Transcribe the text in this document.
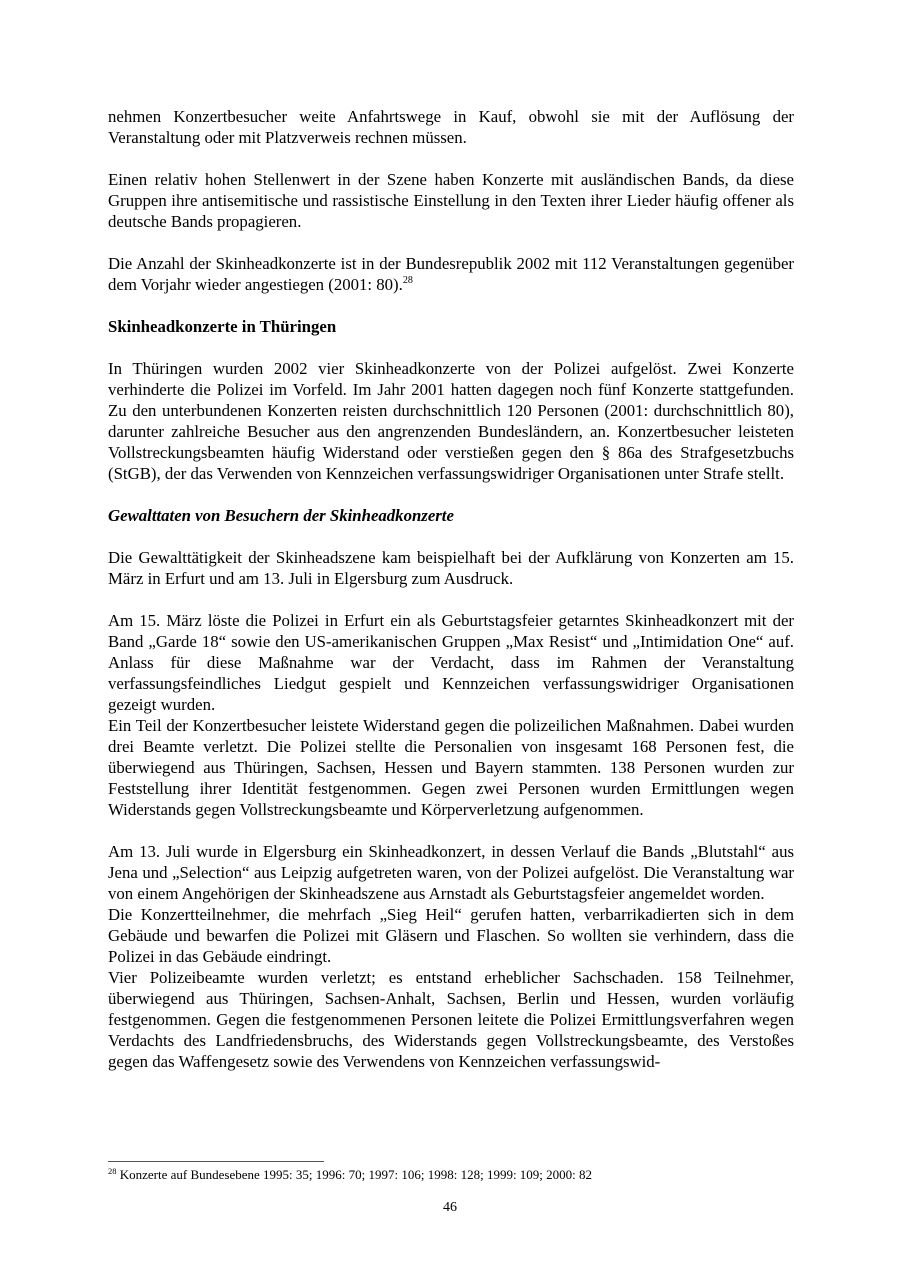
nehmen Konzertbesucher weite Anfahrtswege in Kauf, obwohl sie mit der Auflösung der Veranstaltung oder mit Platzverweis rechnen müssen.

Einen relativ hohen Stellenwert in der Szene haben Konzerte mit ausländischen Bands, da diese Gruppen ihre antisemitische und rassistische Einstellung in den Texten ihrer Lieder häufig offener als deutsche Bands propagieren.

Die Anzahl der Skinheadkonzerte ist in der Bundesrepublik 2002 mit 112 Veranstaltungen gegenüber dem Vorjahr wieder angestiegen (2001: 80).$^{28}$

Skinheadkonzerte in Thüringen

In Thüringen wurden 2002 vier Skinheadkonzerte von der Polizei aufgelöst. Zwei Konzerte verhinderte die Polizei im Vorfeld. Im Jahr 2001 hatten dagegen noch fünf Konzerte stattgefunden. Zu den unterbundenen Konzerten reisten durchschnittlich 120 Personen (2001: durchschnittlich 80), darunter zahlreiche Besucher aus den angrenzenden Bundesländern, an. Konzertbesucher leisteten Vollstreckungsbeamten häufig Widerstand oder verstießen gegen den § 86a des Strafgesetzbuchs (StGB), der das Verwenden von Kennzeichen verfassungswidriger Organisationen unter Strafe stellt.

Gewalttaten von Besuchern der Skinheadkonzerte

Die Gewalttätigkeit der Skinheadszene kam beispielhaft bei der Aufklärung von Konzerten am 15. März in Erfurt und am 13. Juli in Elgersburg zum Ausdruck.

Am 15. März löste die Polizei in Erfurt ein als Geburtstagsfeier getarntes Skinheadkonzert mit der Band „Garde 18“ sowie den US-amerikanischen Gruppen „Max Resist“ und „Intimidation One“ auf. Anlass für diese Maßnahme war der Verdacht, dass im Rahmen der Veranstaltung verfassungsfeindliches Liedgut gespielt und Kennzeichen verfassungswidriger Organisationen gezeigt wurden.

Ein Teil der Konzertbesucher leistete Widerstand gegen die polizeilichen Maßnahmen. Dabei wurden drei Beamte verletzt. Die Polizei stellte die Personalien von insgesamt 168 Personen fest, die überwiegend aus Thüringen, Sachsen, Hessen und Bayern stammten. 138 Personen wurden zur Feststellung ihrer Identität festgenommen. Gegen zwei Personen wurden Ermittlungen wegen Widerstands gegen Vollstreckungsbeamte und Körperverletzung aufgenommen.

Am 13. Juli wurde in Elgersburg ein Skinheadkonzert, in dessen Verlauf die Bands „Blutstahl“ aus Jena und „Selection“ aus Leipzig aufgetreten waren, von der Polizei aufgelöst. Die Veranstaltung war von einem Angehörigen der Skinheadszene aus Arnstadt als Geburtstagsfeier angemeldet worden.

Die Konzertteilnehmer, die mehrfach „Sieg Heil“ gerufen hatten, verbarrikadierten sich in dem Gebäude und bewarfen die Polizei mit Gläsern und Flaschen. So wollten sie verhindern, dass die Polizei in das Gebäude eindringt.

Vier Polizeibeamte wurden verletzt; es entstand erheblicher Sachschaden. 158 Teilnehmer, überwiegend aus Thüringen, Sachsen-Anhalt, Sachsen, Berlin und Hessen, wurden vorläufig festgenommen. Gegen die festgenommenen Personen leitete die Polizei Ermittlungsverfahren wegen Verdachts des Landfriedensbruchs, des Widerstands gegen Vollstreckungsbeamte, des Verstoßes gegen das Waffengesetz sowie des Verwendens von Kennzeichen verfassungswid-

$^{28}$ Konzerte auf Bundesebene 1995: 35; 1996: 70; 1997: 106; 1998: 128; 1999: 109; 2000: 82
46
